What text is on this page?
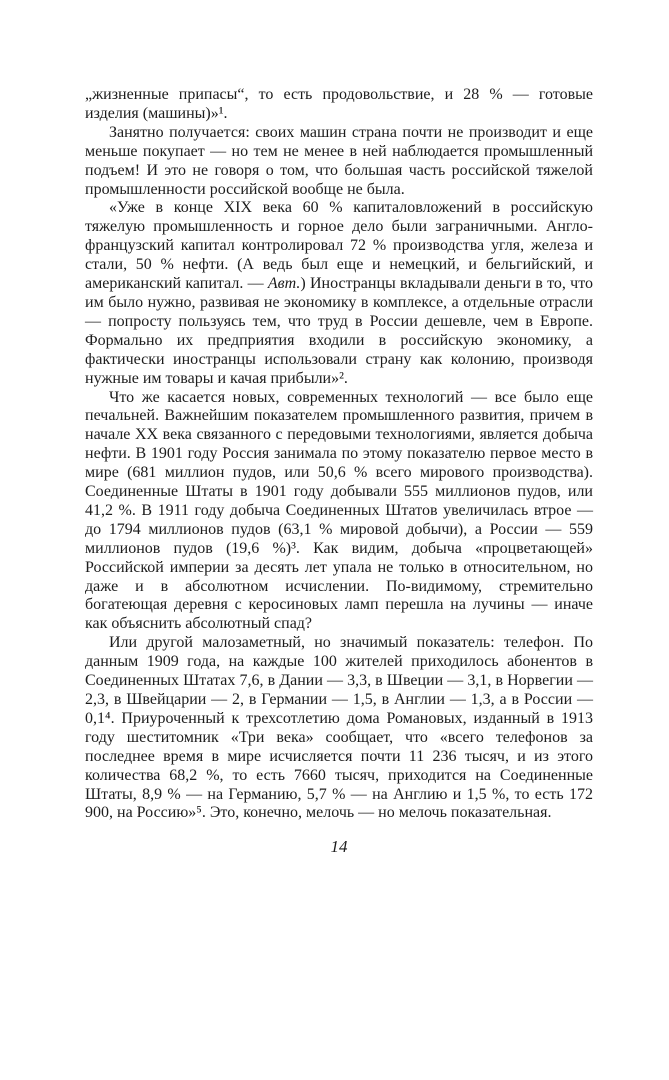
„жизненные припасы“, то есть продовольствие, и 28 % — готовые изделия (машины)»¹.

Занятно получается: своих машин страна почти не производит и еще меньше покупает — но тем не менее в ней наблюдается промышленный подъем! И это не говоря о том, что большая часть российской тяжелой промышленности российской вообще не была.

«Уже в конце XIX века 60 % капиталовложений в российскую тяжелую промышленность и горное дело были заграничными. Англо-французский капитал контролировал 72 % производства угля, железа и стали, 50 % нефти. (А ведь был еще и немецкий, и бельгийский, и американский капитал. — Авт.) Иностранцы вкладывали деньги в то, что им было нужно, развивая не экономику в комплексе, а отдельные отрасли — попросту пользуясь тем, что труд в России дешевле, чем в Европе. Формально их предприятия входили в российскую экономику, а фактически иностранцы использовали страну как колонию, производя нужные им товары и качая прибыли»².

Что же касается новых, современных технологий — все было еще печальней. Важнейшим показателем промышленного развития, причем в начале XX века связанного с передовыми технологиями, является добыча нефти. В 1901 году Россия занимала по этому показателю первое место в мире (681 миллион пудов, или 50,6 % всего мирового производства). Соединенные Штаты в 1901 году добывали 555 миллионов пудов, или 41,2 %. В 1911 году добыча Соединенных Штатов увеличилась втрое — до 1794 миллионов пудов (63,1 % мировой добычи), а России — 559 миллионов пудов (19,6 %)³. Как видим, добыча «процветающей» Российской империи за десять лет упала не только в относительном, но даже и в абсолютном исчислении. По-видимому, стремительно богатеющая деревня с керосиновых ламп перешла на лучины — иначе как объяснить абсолютный спад?

Или другой малозаметный, но значимый показатель: телефон. По данным 1909 года, на каждые 100 жителей приходилось абонентов в Соединенных Штатах 7,6, в Дании — 3,3, в Швеции — 3,1, в Норвегии — 2,3, в Швейцарии — 2, в Германии — 1,5, в Англии — 1,3, а в России — 0,1⁴. Приуроченный к трехсотлетию дома Романовых, изданный в 1913 году шеститомник «Три века» сообщает, что «всего телефонов за последнее время в мире исчисляется почти 11 236 тысяч, и из этого количества 68,2 %, то есть 7660 тысяч, приходится на Соединенные Штаты, 8,9 % — на Германию, 5,7 % — на Англию и 1,5 %, то есть 172 900, на Россию»⁵. Это, конечно, мелочь — но мелочь показательная.

14
